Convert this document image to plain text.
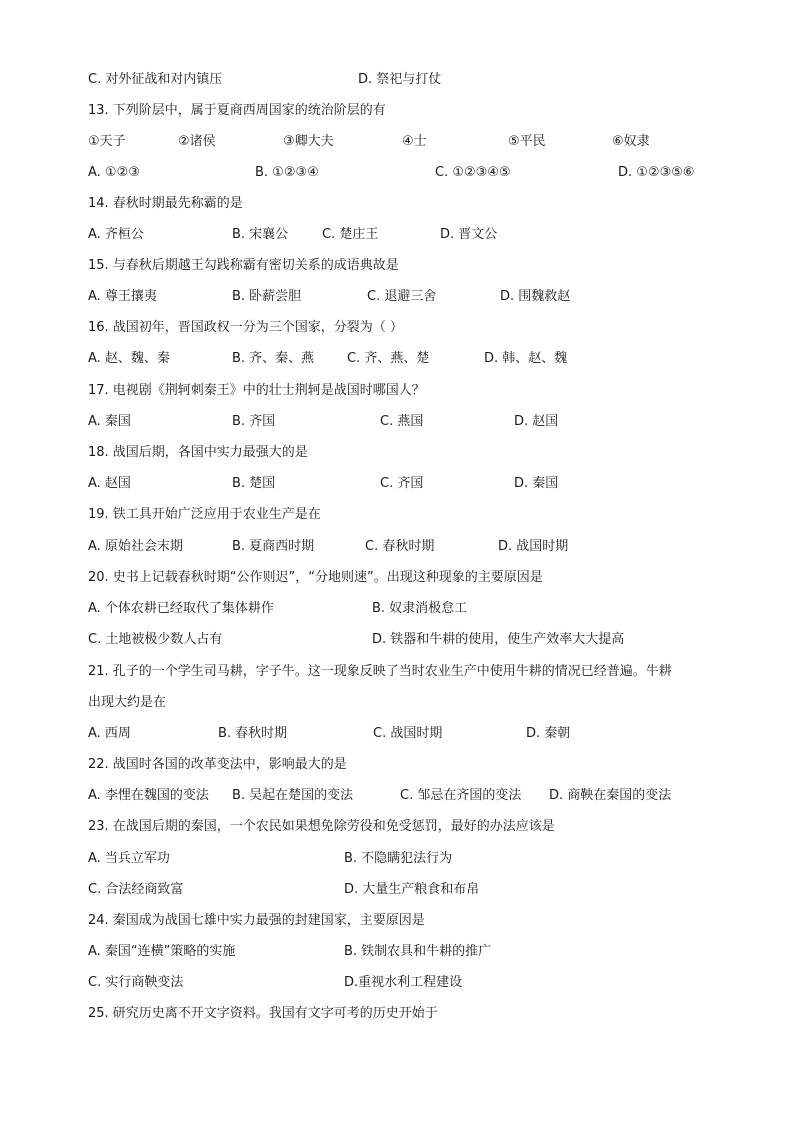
C. 对外征战和对内镇压	D. 祭祀与打仗
13. 下列阶层中，属于夏商西周国家的统治阶层的有
①天子	②诸侯	③卿大夫	④士	⑤平民	⑥奴隶
A. ①②③	B. ①②③④	C. ①②③④⑤	D. ①②③⑤⑥
14. 春秋时期最先称霸的是
A. 齐桓公	B. 宋襄公	C. 楚庄王	D. 晋文公
15. 与春秋后期越王勾践称霸有密切关系的成语典故是
A. 尊王攘夷	B. 卧薪尝胆	C. 退避三舍	D. 围魏救赵
16. 战国初年，晋国政权一分为三个国家，分裂为（ ）
A. 赵、魏、秦	B. 齐、秦、燕	C. 齐、燕、楚	D. 韩、赵、魏
17. 电视剧《荆轲刺秦王》中的壮士荆轲是战国时哪国人？
A. 秦国	B. 齐国	C. 燕国	D. 赵国
18. 战国后期，各国中实力最强大的是
A. 赵国	B. 楚国	C. 齐国	D. 秦国
19. 铁工具开始广泛应用于农业生产是在
A. 原始社会末期	B. 夏商西时期	C. 春秋时期	D. 战国时期
20. 史书上记载春秋时期“公作则迟”，“分地则速”。出现这种现象的主要原因是
A. 个体农耕已经取代了集体耕作	B. 奴隶消极怠工
C. 土地被极少数人占有	D. 铁器和牛耕的使用，使生产效率大大提高
21. 孔子的一个学生司马耕，字子牛。这一现象反映了当时农业生产中使用牛耕的情况已经普遍。牛耕
出现大约是在
A. 西周	B. 春秋时期	C. 战国时期	D. 秦朝
22. 战国时各国的改革变法中，影响最大的是
A. 李悝在魏国的变法 B. 吴起在楚国的变法	C. 邹忌在齐国的变法 D. 商鞅在秦国的变法
23. 在战国后期的秦国，一个农民如果想免除劳役和免受惩罚，最好的办法应该是
A. 当兵立军功	B. 不隐瞒犯法行为
C. 合法经商致富	D. 大量生产粮食和布帛
24. 秦国成为战国七雄中实力最强的封建国家，主要原因是
A. 秦国“连横”策略的实施	B. 铁制农具和牛耕的推广
C. 实行商鞅变法	D.重视水利工程建设
25. 研究历史离不开文字资料。我国有文字可考的历史开始于
